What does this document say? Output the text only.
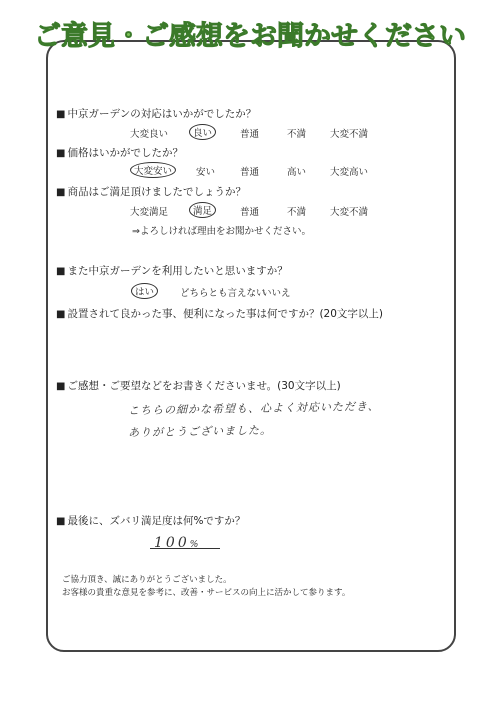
ご意見・ご感想をお聞かせください
■ 中京ガーデンの対応はいかがでしたか？
大変良い	良い	普通	不満	大変不満
■ 価格はいかがでしたか？
大変安い	安い	普通	高い	大変高い
■ 商品はご満足頂けましたでしょうか？
大変満足	満足	普通	不満	大変不満
⇒よろしければ理由をお聞かせください。
■ また中京ガーデンを利用したいと思いますか？
はい	どちらとも言えない
いいえ
■ 設置されて良かった事、便利になった事は何ですか？(20文字以上)
■ ご感想・ご要望などをお書きくださいませ。(30文字以上)
こちらの細かな希望も、心よく対応いただき、
ありがとうございました。
■ 最後に、ズバリ満足度は何%ですか？
100%
ご協力頂き、誠にありがとうございました。
お客様の貴重な意見を参考に、改善・サービスの向上に活かして参ります。
